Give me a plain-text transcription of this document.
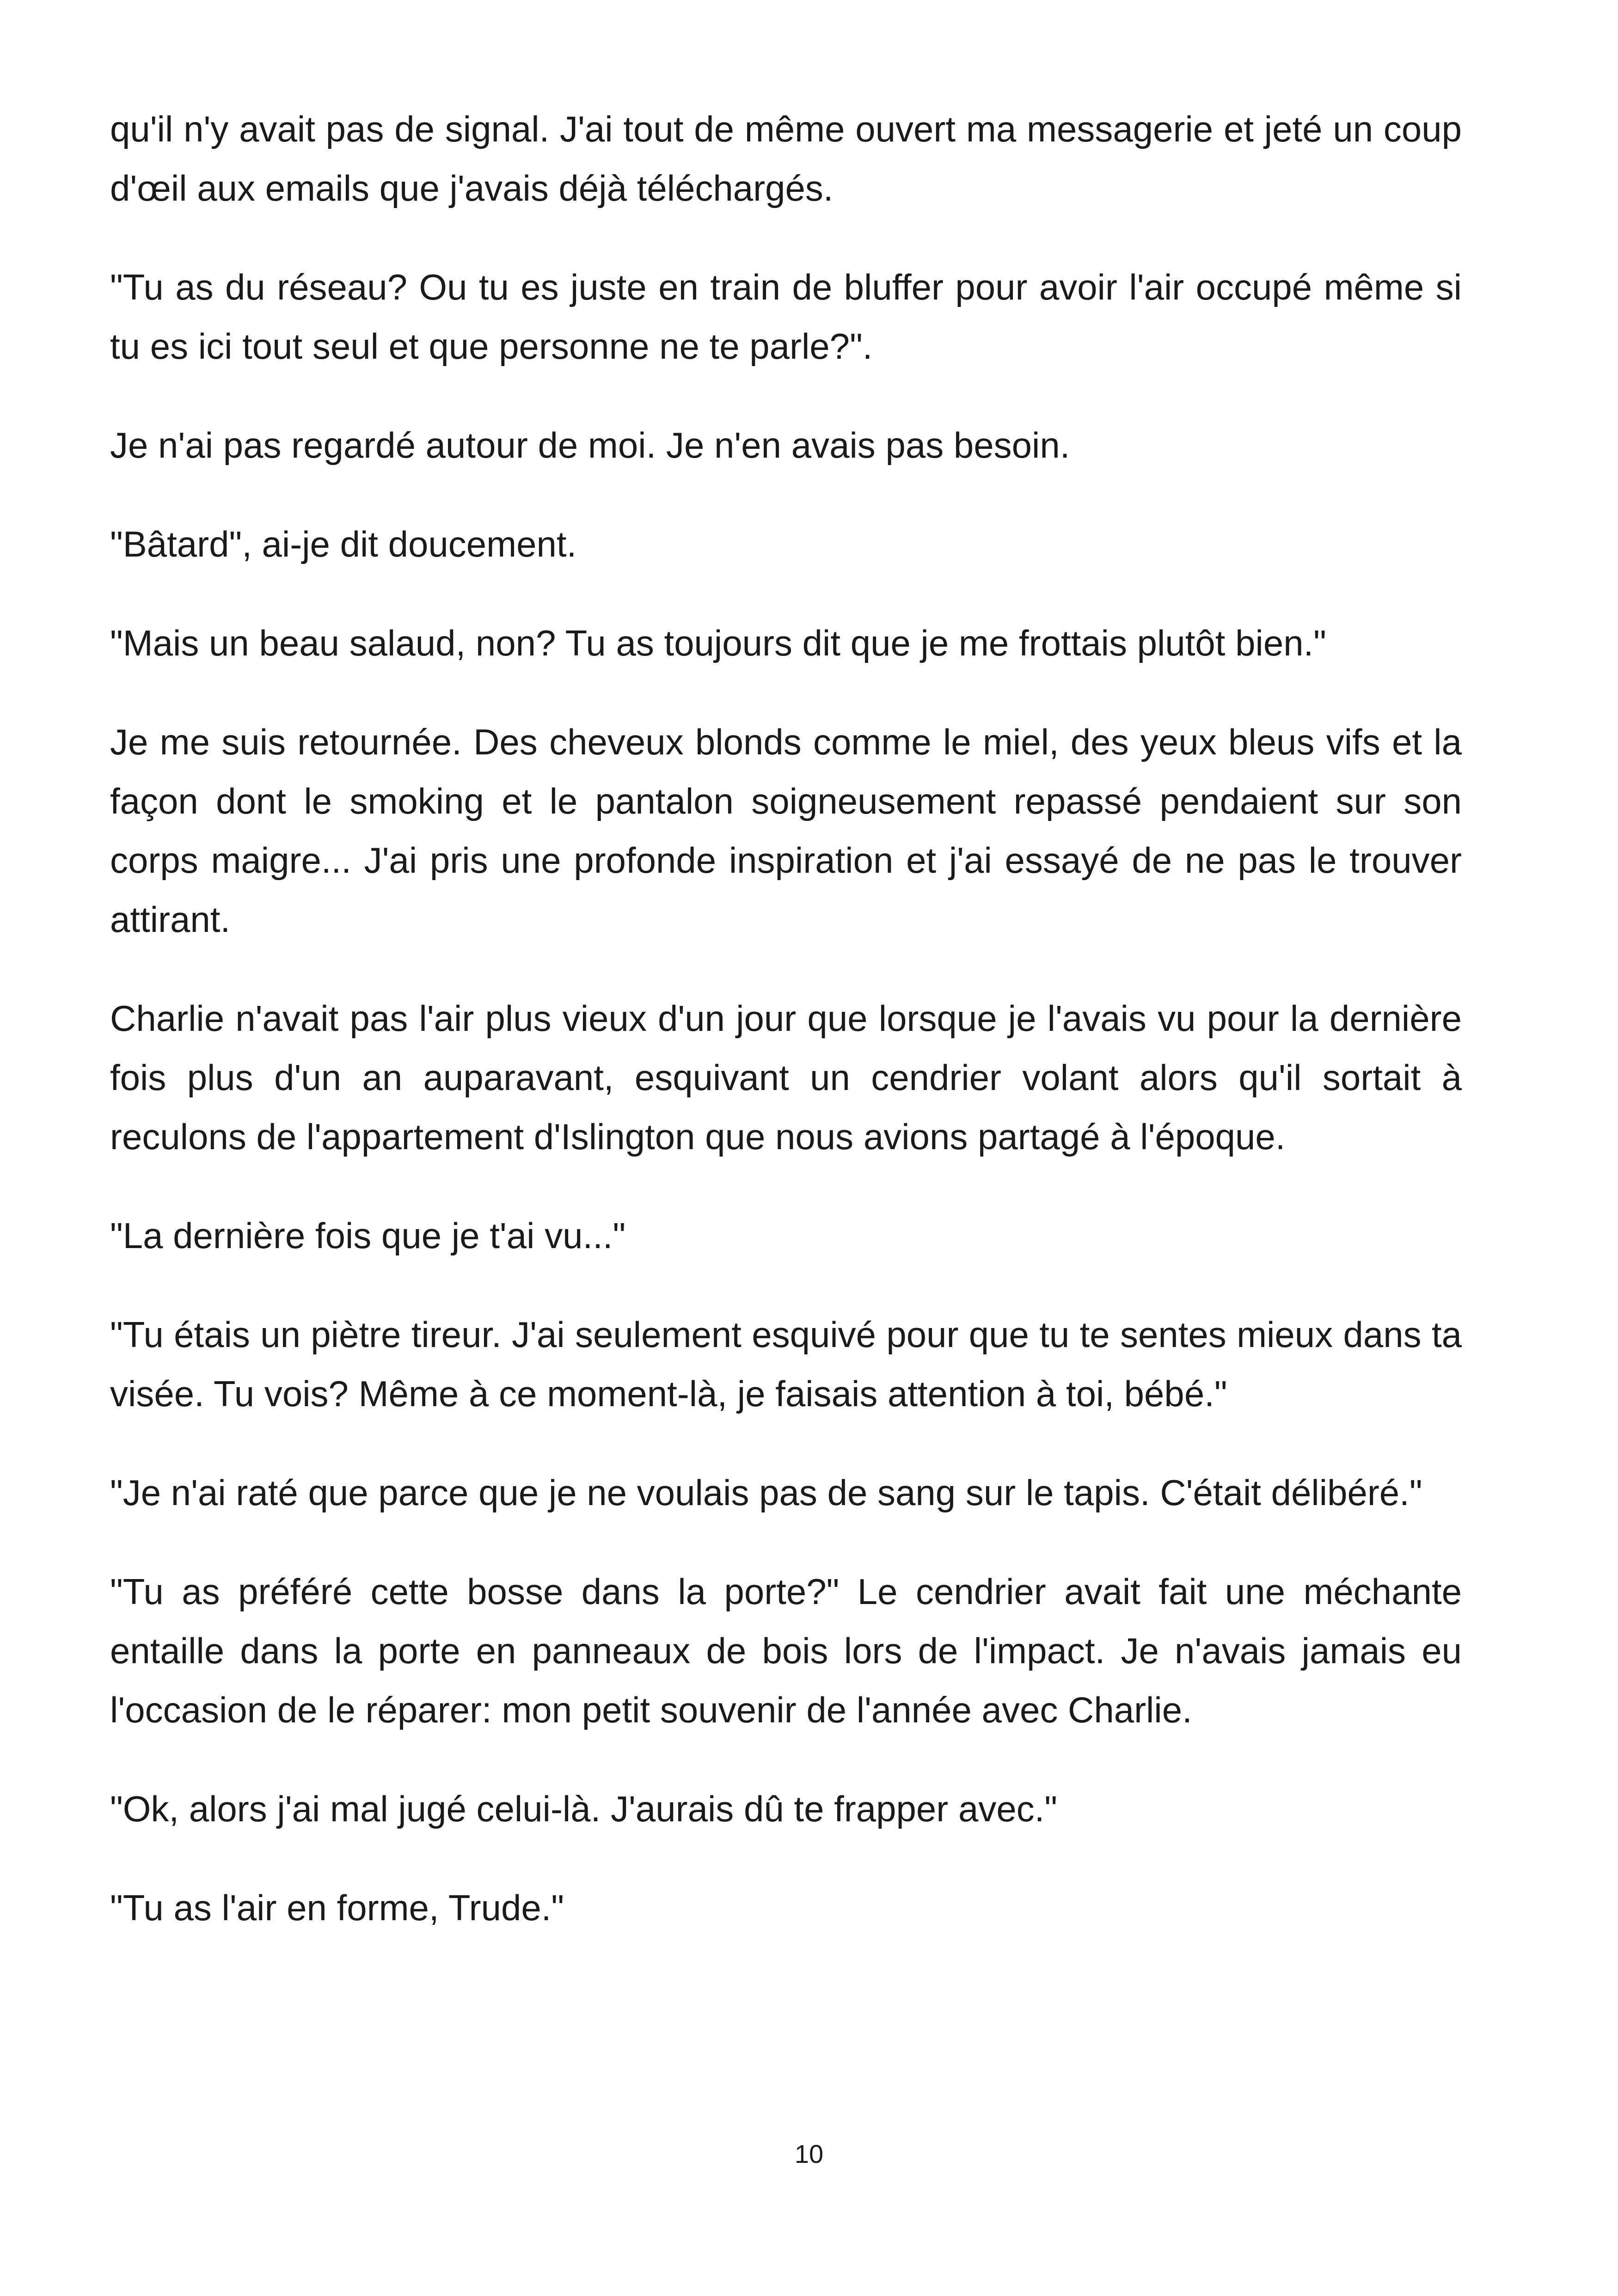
qu'il n'y avait pas de signal. J'ai tout de même ouvert ma messagerie et jeté un coup d'œil aux emails que j'avais déjà téléchargés.

"Tu as du réseau? Ou tu es juste en train de bluffer pour avoir l'air occupé même si tu es ici tout seul et que personne ne te parle?".

Je n'ai pas regardé autour de moi. Je n'en avais pas besoin.

"Bâtard", ai-je dit doucement.

"Mais un beau salaud, non? Tu as toujours dit que je me frottais plutôt bien."

Je me suis retournée. Des cheveux blonds comme le miel, des yeux bleus vifs et la façon dont le smoking et le pantalon soigneusement repassé pendaient sur son corps maigre... J'ai pris une profonde inspiration et j'ai essayé de ne pas le trouver attirant.

Charlie n'avait pas l'air plus vieux d'un jour que lorsque je l'avais vu pour la dernière fois plus d'un an auparavant, esquivant un cendrier volant alors qu'il sortait à reculons de l'appartement d'Islington que nous avions partagé à l'époque.

"La dernière fois que je t'ai vu..."

"Tu étais un piètre tireur. J'ai seulement esquivé pour que tu te sentes mieux dans ta visée. Tu vois? Même à ce moment-là, je faisais attention à toi, bébé."

"Je n'ai raté que parce que je ne voulais pas de sang sur le tapis. C'était délibéré."

"Tu as préféré cette bosse dans la porte?" Le cendrier avait fait une méchante entaille dans la porte en panneaux de bois lors de l'impact. Je n'avais jamais eu l'occasion de le réparer: mon petit souvenir de l'année avec Charlie.

"Ok, alors j'ai mal jugé celui-là. J'aurais dû te frapper avec."

"Tu as l'air en forme, Trude."

10
